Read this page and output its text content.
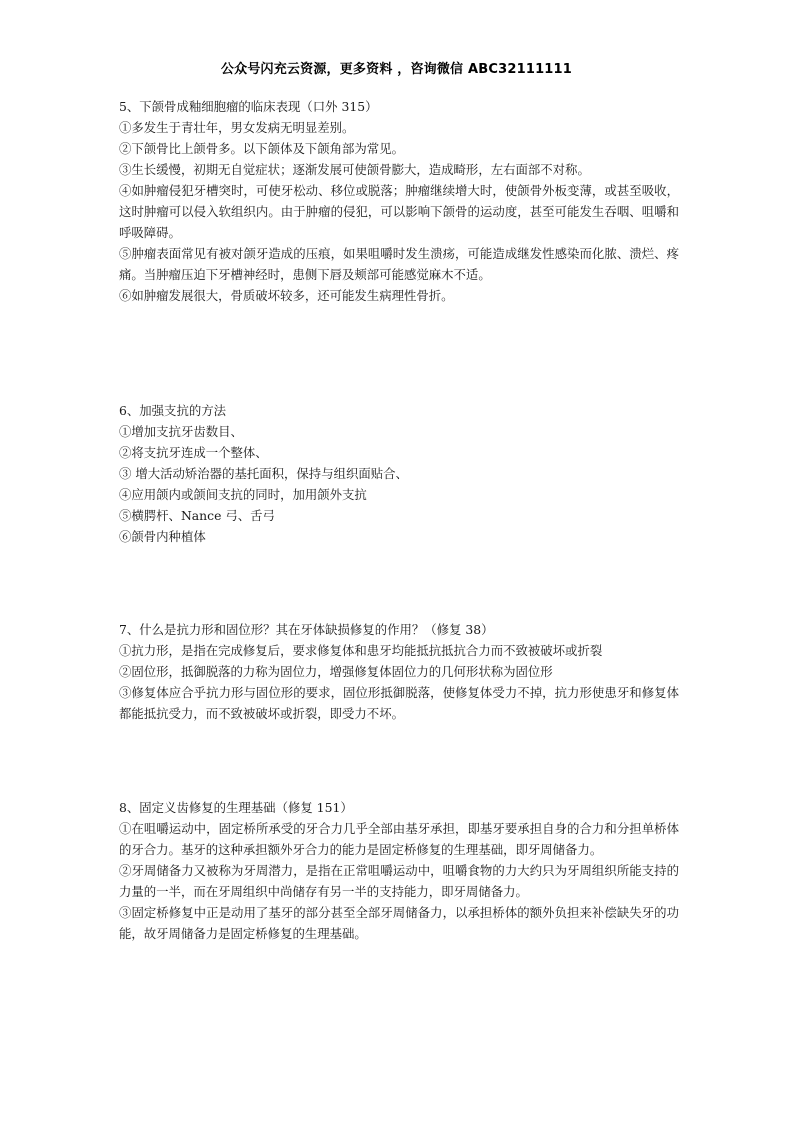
公众号闪充云资源，更多资料 ，咨询微信 ABC32111111

5、下颌骨成釉细胞瘤的临床表现（口外 315）

①多发生于青壮年，男女发病无明显差别。

②下颌骨比上颌骨多。以下颌体及下颌角部为常见。

③生长缓慢，初期无自觉症状；逐渐发展可使颌骨膨大，造成畸形，左右面部不对称。

④如肿瘤侵犯牙槽突时，可使牙松动、移位或脱落；肿瘤继续增大时，使颌骨外板变薄，或甚至吸收，这时肿瘤可以侵入软组织内。由于肿瘤的侵犯，可以影响下颌骨的运动度，甚至可能发生吞咽、咀嚼和呼吸障碍。

⑤肿瘤表面常见有被对颌牙造成的压痕，如果咀嚼时发生溃疡，可能造成继发性感染而化脓、溃烂、疼痛。当肿瘤压迫下牙槽神经时，患侧下唇及颊部可能感觉麻木不适。

⑥如肿瘤发展很大，骨质破坏较多，还可能发生病理性骨折。

6、加强支抗的方法

①增加支抗牙齿数目、

②将支抗牙连成一个整体、

③ 增大活动矫治器的基托面积，保持与组织面贴合、

④应用颌内或颌间支抗的同时，加用颌外支抗

⑤横腭杆、Nance 弓、舌弓

⑥颌骨内种植体

7、什么是抗力形和固位形？其在牙体缺损修复的作用？（修复 38）

①抗力形，是指在完成修复后，要求修复体和患牙均能抵抗抵抗合力而不致被破坏或折裂

②固位形，抵御脱落的力称为固位力，增强修复体固位力的几何形状称为固位形

③修复体应合乎抗力形与固位形的要求，固位形抵御脱落，使修复体受力不掉，抗力形使患牙和修复体都能抵抗受力，而不致被破坏或折裂，即受力不坏。

8、固定义齿修复的生理基础（修复 151）

①在咀嚼运动中，固定桥所承受的牙合力几乎全部由基牙承担，即基牙要承担自身的合力和分担单桥体的牙合力。基牙的这种承担额外牙合力的能力是固定桥修复的生理基础，即牙周储备力。

②牙周储备力又被称为牙周潜力，是指在正常咀嚼运动中，咀嚼食物的力大约只为牙周组织所能支持的力量的一半，而在牙周组织中尚储存有另一半的支持能力，即牙周储备力。

③固定桥修复中正是动用了基牙的部分甚至全部牙周储备力，以承担桥体的额外负担来补偿缺失牙的功能，故牙周储备力是固定桥修复的生理基础。
